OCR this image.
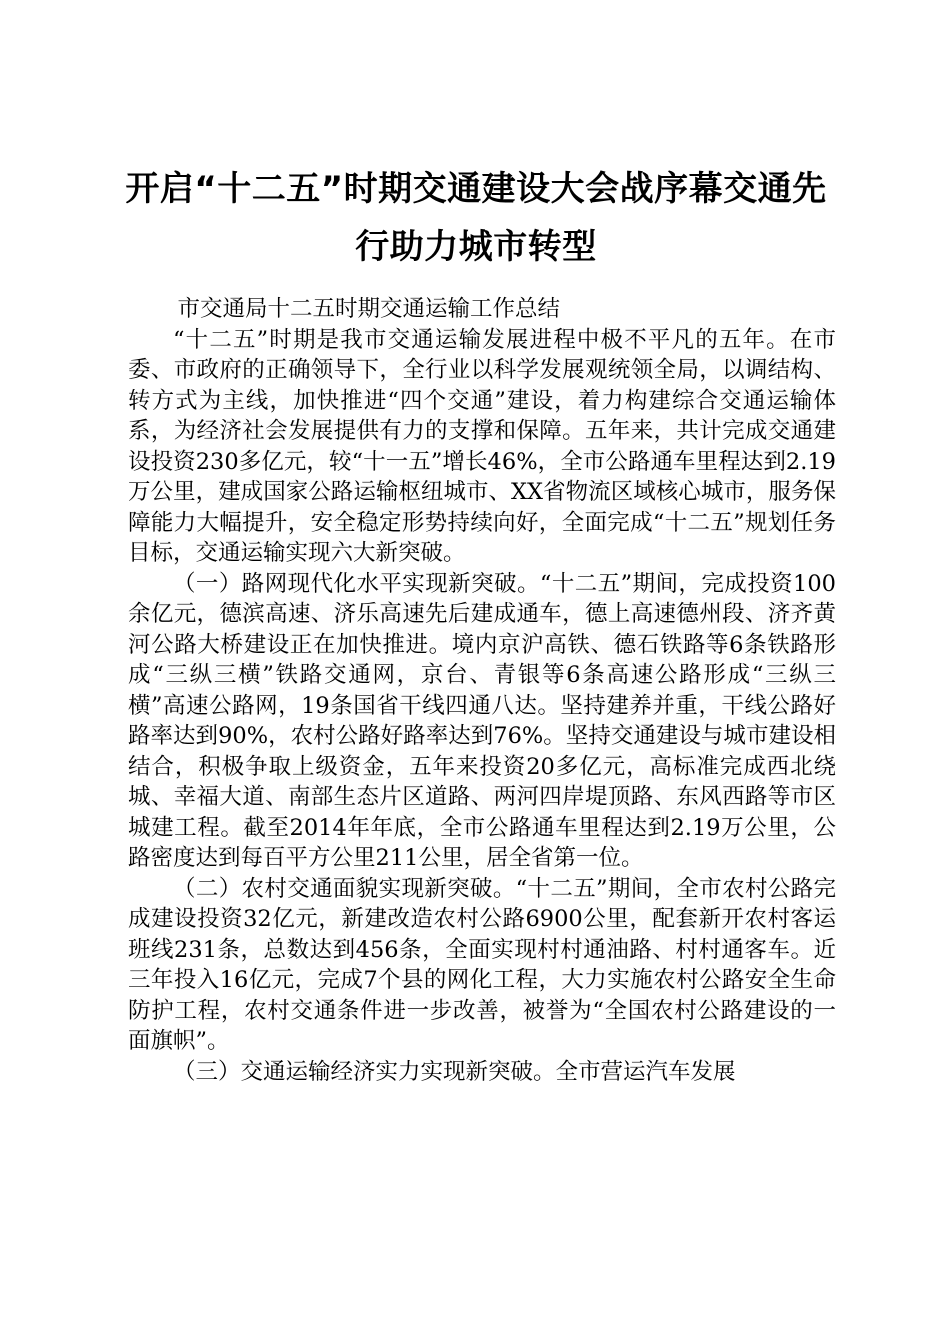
开启“十二五”时期交通建设大会战序幕交通先行助力城市转型

市交通局十二五时期交通运输工作总结

“十二五”时期是我市交通运输发展进程中极不平凡的五年。在市委、市政府的正确领导下，全行业以科学发展观统领全局，以调结构、转方式为主线，加快推进“四个交通”建设，着力构建综合交通运输体系，为经济社会发展提供有力的支撑和保障。五年来，共计完成交通建设投资230多亿元，较“十一五”增长46%，全市公路通车里程达到2.19万公里，建成国家公路运输枢纽城市、XX省物流区域核心城市，服务保障能力大幅提升，安全稳定形势持续向好，全面完成“十二五”规划任务目标，交通运输实现六大新突破。

（一）路网现代化水平实现新突破。“十二五”期间，完成投资100余亿元，德滨高速、济乐高速先后建成通车，德上高速德州段、济齐黄河公路大桥建设正在加快推进。境内京沪高铁、德石铁路等6条铁路形成“三纵三横”铁路交通网，京台、青银等6条高速公路形成“三纵三横”高速公路网，19条国省干线四通八达。坚持建养并重，干线公路好路率达到90%，农村公路好路率达到76%。坚持交通建设与城市建设相结合，积极争取上级资金，五年来投资20多亿元，高标准完成西北绕城、幸福大道、南部生态片区道路、两河四岸堤顶路、东风西路等市区城建工程。截至2014年年底，全市公路通车里程达到2.19万公里，公路密度达到每百平方公里211公里，居全省第一位。

（二）农村交通面貌实现新突破。“十二五”期间，全市农村公路完成建设投资32亿元，新建改造农村公路6900公里，配套新开农村客运班线231条，总数达到456条，全面实现村村通油路、村村通客车。近三年投入16亿元，完成7个县的网化工程，大力实施农村公路安全生命防护工程，农村交通条件进一步改善，被誉为“全国农村公路建设的一面旗帜”。

（三）交通运输经济实力实现新突破。全市营运汽车发展
